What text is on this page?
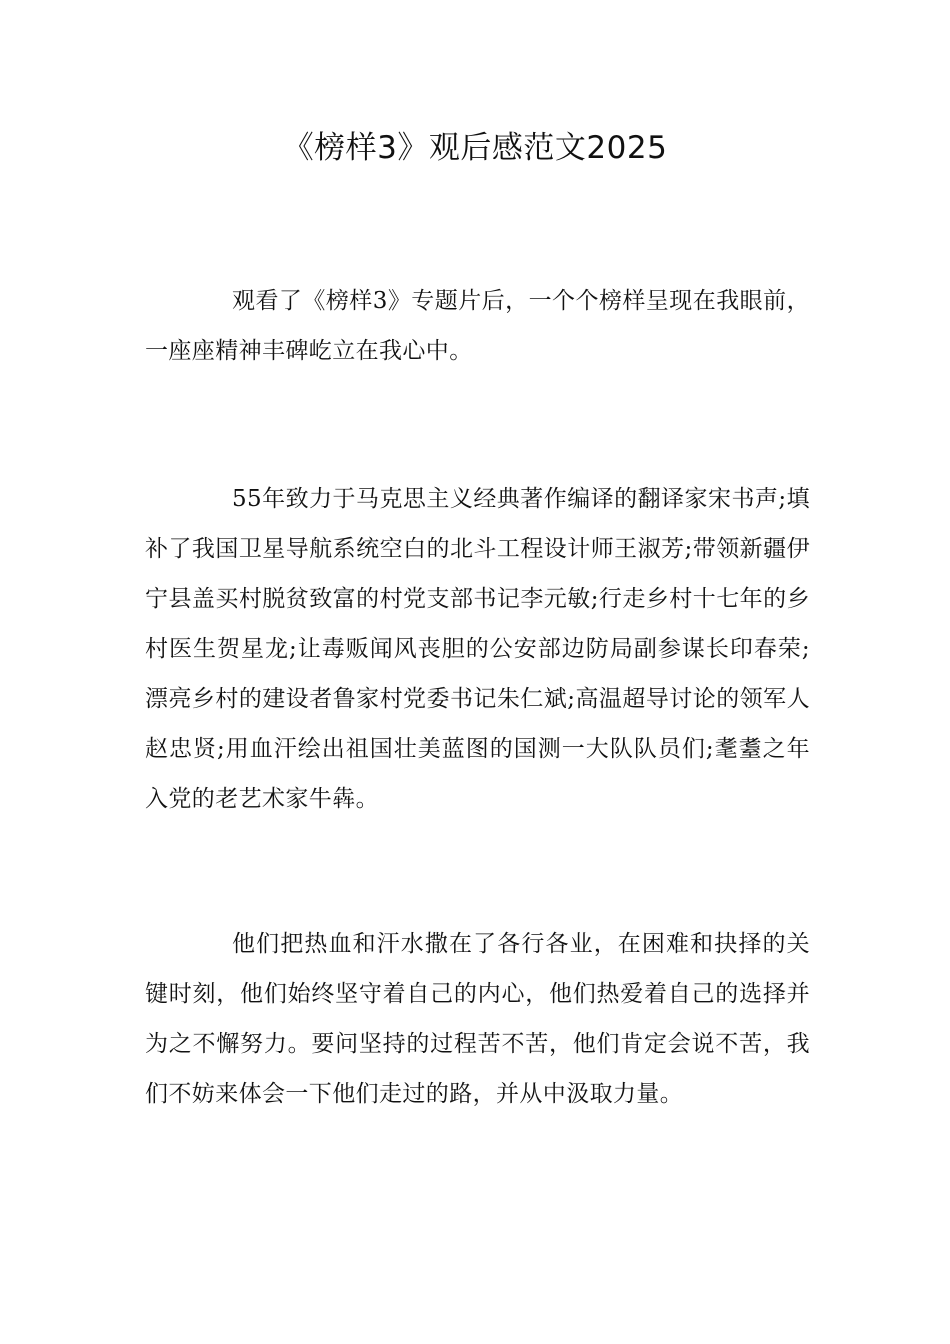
《榜样3》观后感范文2025

观看了《榜样3》专题片后，一个个榜样呈现在我眼前，一座座精神丰碑屹立在我心中。

55年致力于马克思主义经典著作编译的翻译家宋书声;填补了我国卫星导航系统空白的北斗工程设计师王淑芳;带领新疆伊宁县盖买村脱贫致富的村党支部书记李元敏;行走乡村十七年的乡村医生贺星龙;让毒贩闻风丧胆的公安部边防局副参谋长印春荣;漂亮乡村的建设者鲁家村党委书记朱仁斌;高温超导讨论的领军人赵忠贤;用血汗绘出祖国壮美蓝图的国测一大队队员们;耄耋之年入党的老艺术家牛犇。

他们把热血和汗水撒在了各行各业，在困难和抉择的关键时刻，他们始终坚守着自己的内心，他们热爱着自己的选择并为之不懈努力。要问坚持的过程苦不苦，他们肯定会说不苦，我们不妨来体会一下他们走过的路，并从中汲取力量。
